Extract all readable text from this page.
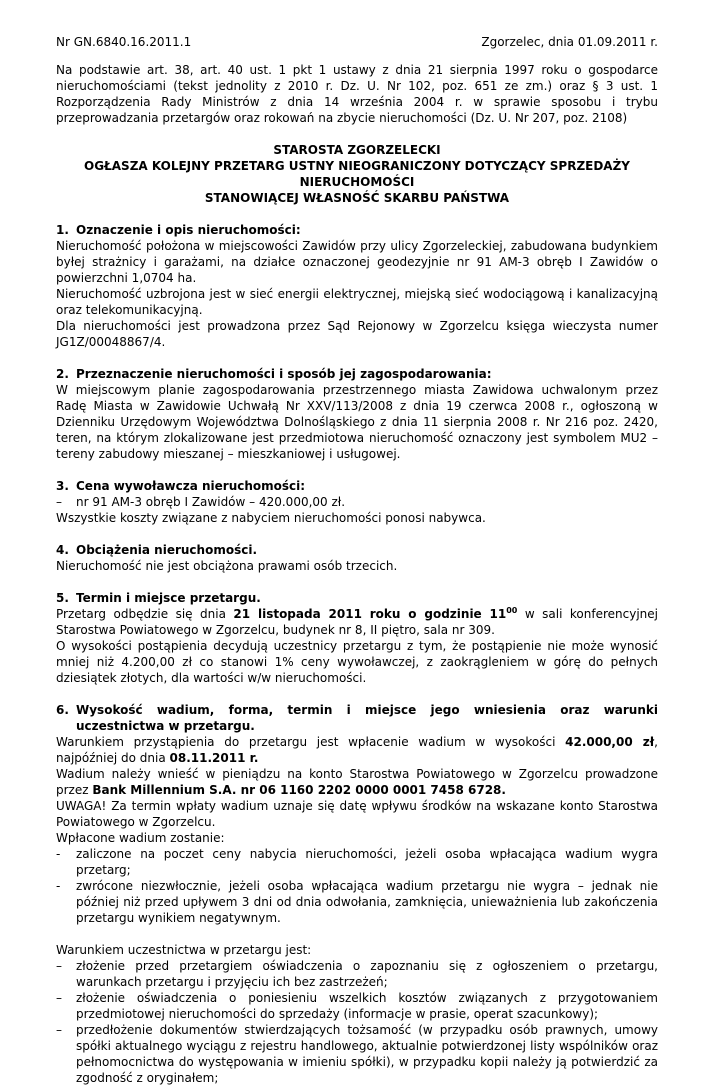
Nr GN.6840.16.2011.1	Zgorzelec, dnia 01.09.2011 r.

Na podstawie art. 38, art. 40 ust. 1 pkt 1 ustawy z dnia 21 sierpnia 1997 roku o gospodarce nieruchomościami (tekst jednolity z 2010 r. Dz. U. Nr 102, poz. 651 ze zm.) oraz § 3 ust. 1 Rozporządzenia Rady Ministrów z dnia 14 września 2004 r. w sprawie sposobu i trybu przeprowadzania przetargów oraz rokowań na zbycie nieruchomości (Dz. U. Nr 207, poz. 2108)

STAROSTA ZGORZELECKI
OGŁASZA KOLEJNY PRZETARG USTNY NIEOGRANICZONY DOTYCZĄCY SPRZEDAŻY
NIERUCHOMOŚCI
STANOWIĄCEJ WŁASNOŚĆ SKARBU PAŃSTWA
1. Oznaczenie i opis nieruchomości:

Nieruchomość położona w miejscowości Zawidów przy ulicy Zgorzeleckiej, zabudowana budynkiem byłej strażnicy i garażami, na działce oznaczonej geodezyjnie nr 91 AM-3 obręb I Zawidów o powierzchni 1,0704 ha.

Nieruchomość uzbrojona jest w sieć energii elektrycznej, miejską sieć wodociągową i kanalizacyjną oraz telekomunikacyjną.

Dla nieruchomości jest prowadzona przez Sąd Rejonowy w Zgorzelcu księga wieczysta numer JG1Z/00048867/4.

2. Przeznaczenie nieruchomości i sposób jej zagospodarowania:

W miejscowym planie zagospodarowania przestrzennego miasta Zawidowa uchwalonym przez Radę Miasta w Zawidowie Uchwałą Nr XXV/113/2008 z dnia 19 czerwca 2008 r., ogłoszoną w Dzienniku Urzędowym Województwa Dolnośląskiego z dnia 11 sierpnia 2008 r. Nr 216 poz. 2420, teren, na którym zlokalizowane jest przedmiotowa nieruchomość oznaczony jest symbolem MU2 – tereny zabudowy mieszanej – mieszkaniowej i usługowej.

3. Cena wywoławcza nieruchomości:
–	nr 91 AM-3 obręb I Zawidów – 420.000,00 zł.

Wszystkie koszty związane z nabyciem nieruchomości ponosi nabywca.

4. Obciążenia nieruchomości.

Nieruchomość nie jest obciążona prawami osób trzecich.

5. Termin i miejsce przetargu.

Przetarg odbędzie się dnia 21 listopada 2011 roku o godzinie $11^{00}$ w sali konferencyjnej Starostwa Powiatowego w Zgorzelcu, budynek nr 8, II piętro, sala nr 309.

O wysokości postąpienia decydują uczestnicy przetargu z tym, że postąpienie nie może wynosić mniej niż 4.200,00 zł co stanowi 1% ceny wywoławczej, z zaokrągleniem w górę do pełnych dziesiątek złotych, dla wartości w/w nieruchomości.

6. Wysokość wadium, forma, termin i miejsce jego wniesienia oraz warunki uczestnictwa w przetargu.

Warunkiem przystąpienia do przetargu jest wpłacenie wadium w wysokości 42.000,00 zł, najpóźniej do dnia 08.11.2011 r.

Wadium należy wnieść w pieniądzu na konto Starostwa Powiatowego w Zgorzelcu prowadzone przez Bank Millennium S.A. nr 06 1160 2202 0000 0001 7458 6728.

UWAGA! Za termin wpłaty wadium uznaje się datę wpływu środków na wskazane konto Starostwa Powiatowego w Zgorzelcu.

Wpłacone wadium zostanie:

-	zaliczone na poczet ceny nabycia nieruchomości, jeżeli osoba wpłacająca wadium wygra przetarg;
-	zwrócone niezwłocznie, jeżeli osoba wpłacająca wadium przetargu nie wygra – jednak nie później niż przed upływem 3 dni od dnia odwołania, zamknięcia, unieważnienia lub zakończenia przetargu wynikiem negatywnym.

Warunkiem uczestnictwa w przetargu jest:

–	złożenie przed przetargiem oświadczenia o zapoznaniu się z ogłoszeniem o przetargu, warunkach przetargu i przyjęciu ich bez zastrzeżeń;
–	złożenie oświadczenia o poniesieniu wszelkich kosztów związanych z przygotowaniem przedmiotowej nieruchomości do sprzedaży (informacje w prasie, operat szacunkowy);
–	przedłożenie dokumentów stwierdzających tożsamość (w przypadku osób prawnych, umowy spółki aktualnego wyciągu z rejestru handlowego, aktualnie potwierdzonej listy wspólników oraz pełnomocnictwa do występowania w imieniu spółki), w przypadku kopii należy ją potwierdzić za zgodność z oryginałem;
